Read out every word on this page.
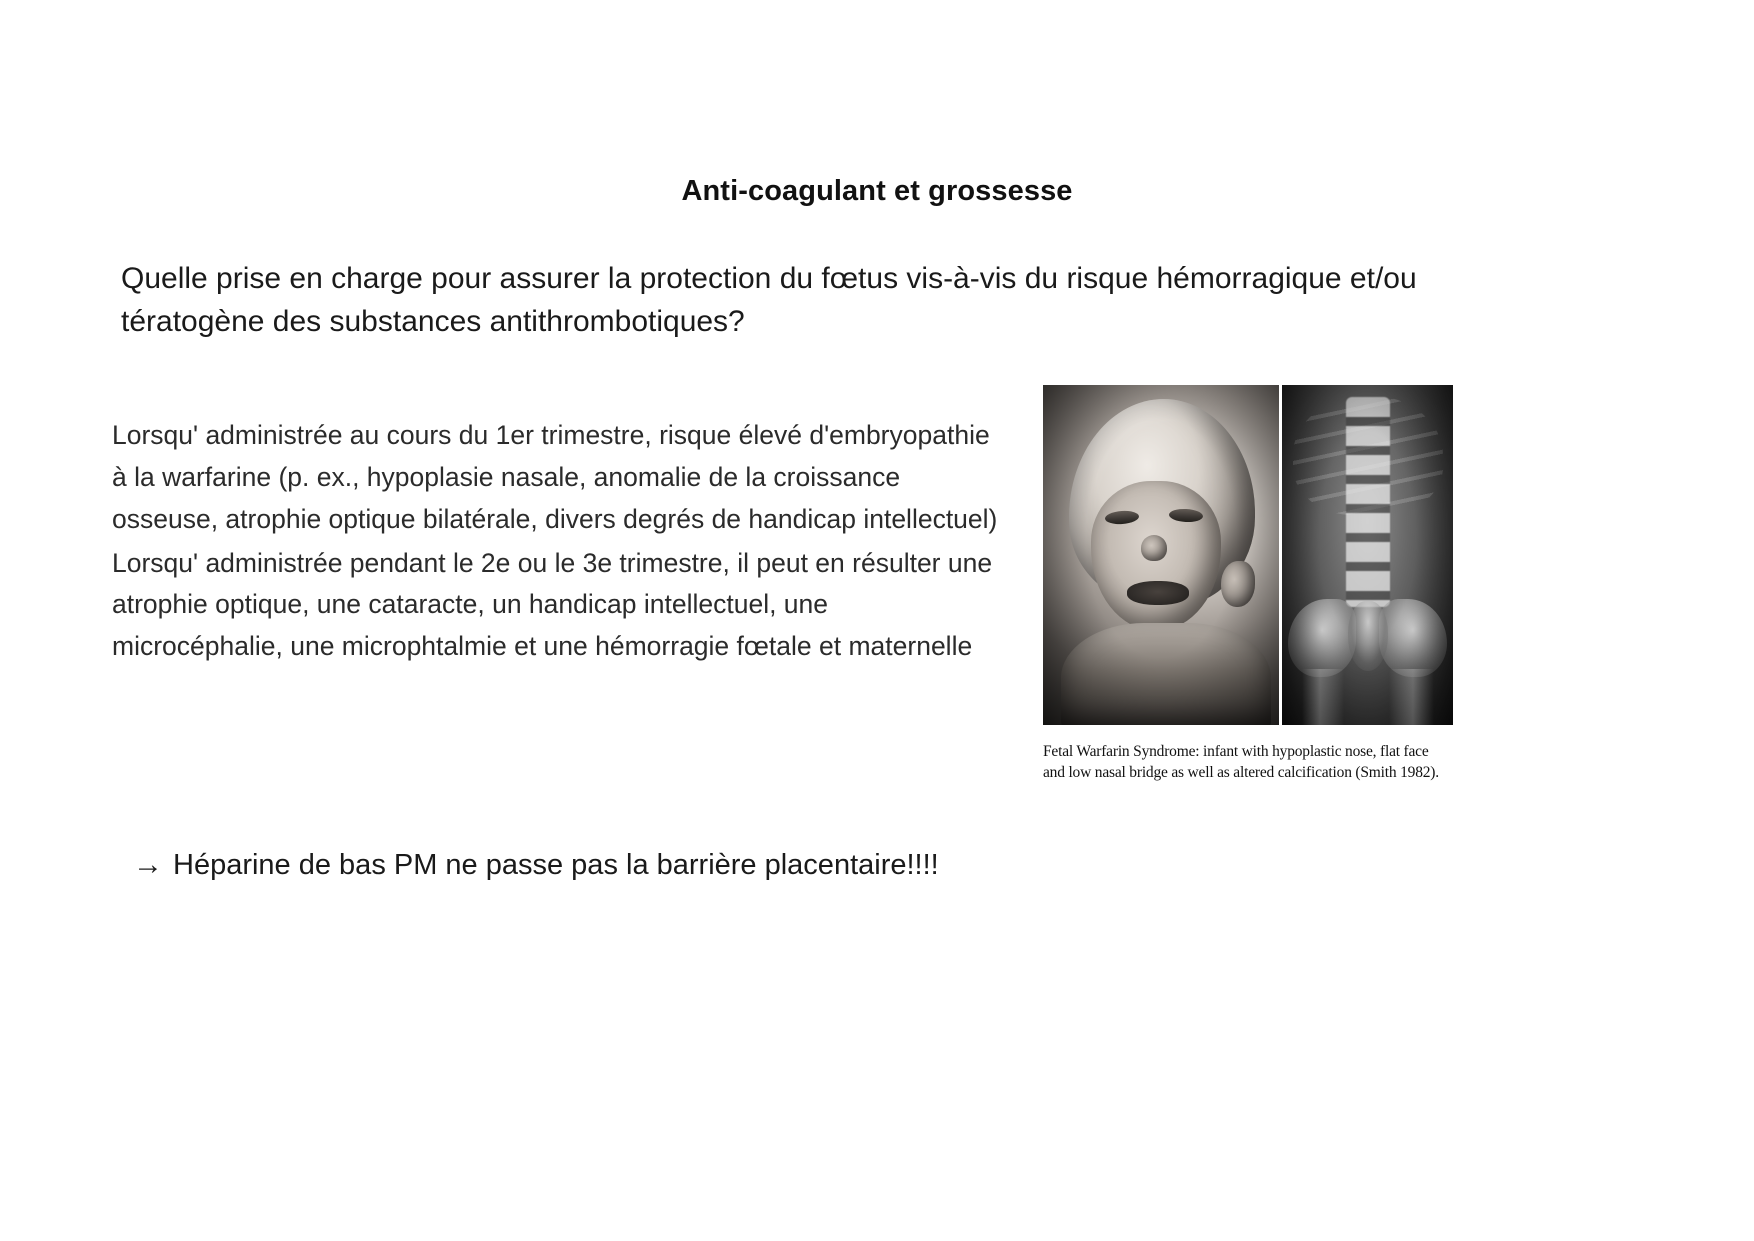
Anti-coagulant et grossesse
Quelle prise en charge pour assurer la protection du fœtus vis-à-vis du risque hémorragique et/ou tératogène des substances antithrombotiques?

Lorsqu' administrée au cours du 1er trimestre, risque élevé d'embryopathie à la warfarine (p. ex., hypoplasie nasale, anomalie de la croissance osseuse, atrophie optique bilatérale, divers degrés de handicap intellectuel)

Lorsqu' administrée pendant le 2e ou le 3e trimestre, il peut en résulter une atrophie optique, une cataracte, un handicap intellectuel, une microcéphalie, une microphtalmie et une hémorragie fœtale et maternelle

Fetal Warfarin Syndrome: infant with hypoplastic nose, flat face and low nasal bridge as well as altered calcification (Smith 1982).
→ Héparine de bas PM ne passe pas la barrière placentaire!!!!
